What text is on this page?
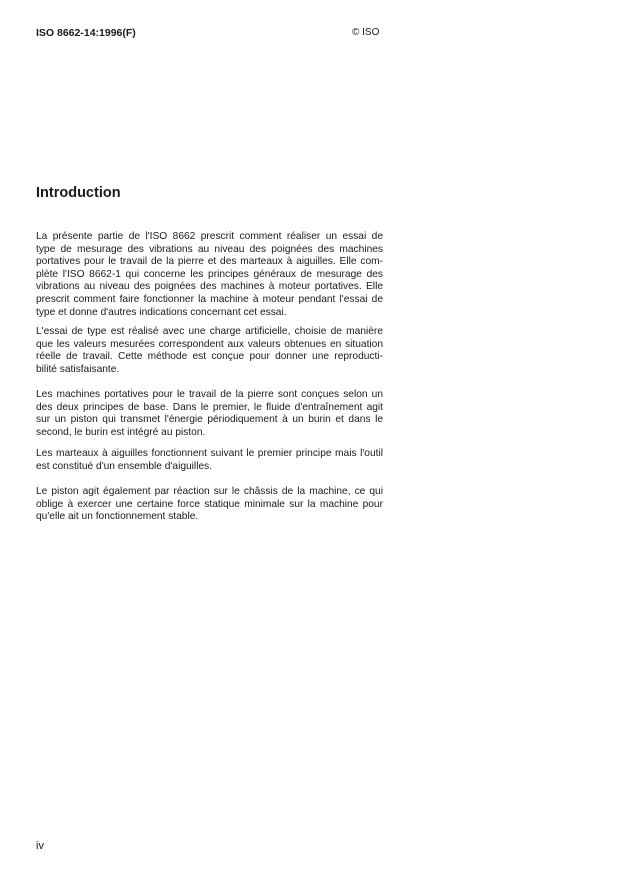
ISO 8662-14:1996(F)	© ISO
Introduction
La présente partie de l'ISO 8662 prescrit comment réaliser un essai de
type de mesurage des vibrations au niveau des poignées des machines
portatives pour le travail de la pierre et des marteaux à aiguilles. Elle com-
plète l'ISO 8662-1 qui concerne les principes généraux de mesurage des
vibrations au niveau des poignées des machines à moteur portatives. Elle
prescrit comment faire fonctionner la machine à moteur pendant l'essai de
type et donne d'autres indications concernant cet essai.
L'essai de type est réalisé avec une charge artificielle, choisie de manière
que les valeurs mesurées correspondent aux valeurs obtenues en situation
réelle de travail. Cette méthode est conçue pour donner une reproducti-
bilité satisfaisante.
Les machines portatives pour le travail de la pierre sont conçues selon un
des deux principes de base. Dans le premier, le fluide d'entraînement agit
sur un piston qui transmet l'énergie périodiquement à un burin et dans le
second, le burin est intégré au piston.
Les marteaux à aiguilles fonctionnent suivant le premier principe mais l'outil
est constitué d'un ensemble d'aiguilles.
Le piston agit également par réaction sur le châssis de la machine, ce qui
oblige à exercer une certaine force statique minimale sur la machine pour
qu'elle ait un fonctionnement stable.
iv
